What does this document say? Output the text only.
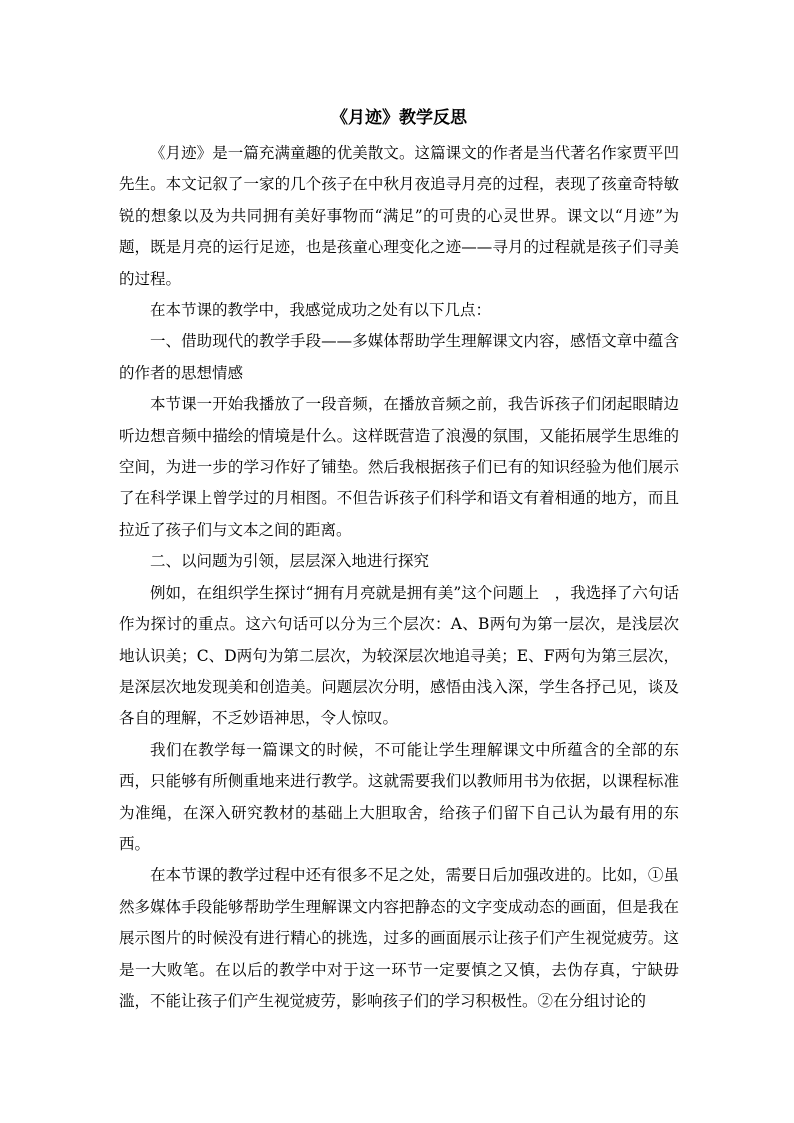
《月迹》教学反思

《月迹》是一篇充满童趣的优美散文。这篇课文的作者是当代著名作家贾平凹先生。本文记叙了一家的几个孩子在中秋月夜追寻月亮的过程，表现了孩童奇特敏锐的想象以及为共同拥有美好事物而“满足”的可贵的心灵世界。课文以“月迹”为题，既是月亮的运行足迹，也是孩童心理变化之迹——寻月的过程就是孩子们寻美的过程。

在本节课的教学中，我感觉成功之处有以下几点：

一、借助现代的教学手段——多媒体帮助学生理解课文内容，感悟文章中蕴含的作者的思想情感

本节课一开始我播放了一段音频，在播放音频之前，我告诉孩子们闭起眼睛边听边想音频中描绘的情境是什么。这样既营造了浪漫的氛围，又能拓展学生思维的空间，为进一步的学习作好了铺垫。然后我根据孩子们已有的知识经验为他们展示了在科学课上曾学过的月相图。不但告诉孩子们科学和语文有着相通的地方，而且拉近了孩子们与文本之间的距离。

二、以问题为引领，层层深入地进行探究

例如，在组织学生探讨“拥有月亮就是拥有美”这个问题上　，我选择了六句话作为探讨的重点。这六句话可以分为三个层次：A、B两句为第一层次，是浅层次地认识美；C、D两句为第二层次，为较深层次地追寻美；E、F两句为第三层次，是深层次地发现美和创造美。问题层次分明，感悟由浅入深，学生各抒己见，谈及各自的理解，不乏妙语神思，令人惊叹。

我们在教学每一篇课文的时候，不可能让学生理解课文中所蕴含的全部的东西，只能够有所侧重地来进行教学。这就需要我们以教师用书为依据，以课程标准为准绳，在深入研究教材的基础上大胆取舍，给孩子们留下自己认为最有用的东西。

在本节课的教学过程中还有很多不足之处，需要日后加强改进的。比如，①虽然多媒体手段能够帮助学生理解课文内容把静态的文字变成动态的画面，但是我在展示图片的时候没有进行精心的挑选，过多的画面展示让孩子们产生视觉疲劳。这是一大败笔。在以后的教学中对于这一环节一定要慎之又慎，去伪存真，宁缺毋滥，不能让孩子们产生视觉疲劳，影响孩子们的学习积极性。②在分组讨论的
